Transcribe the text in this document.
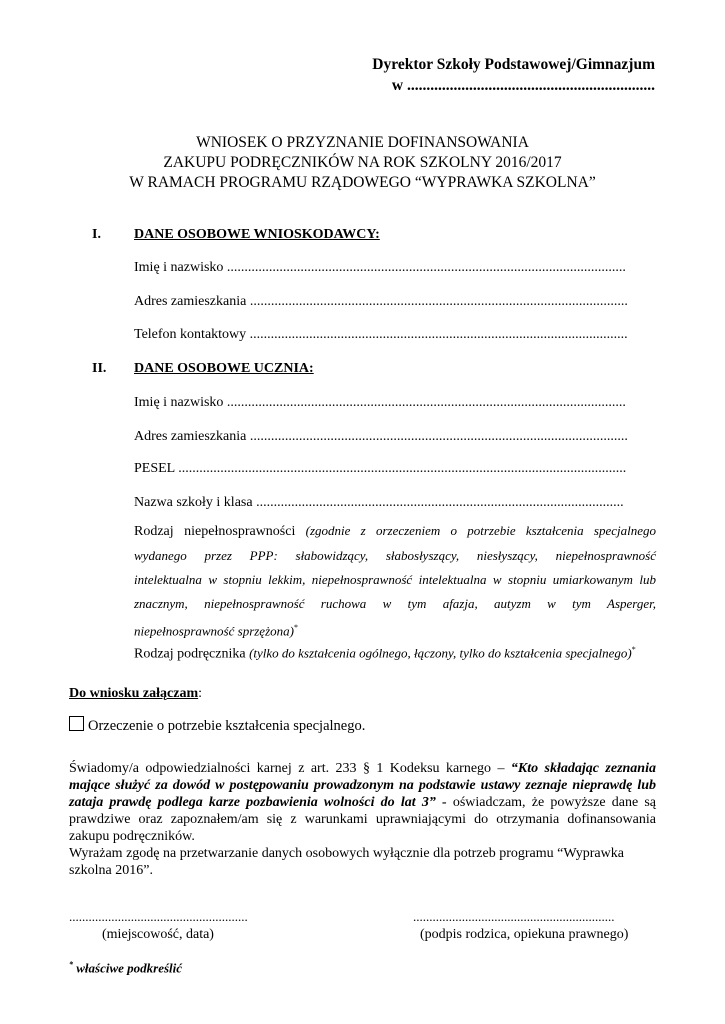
Dyrektor Szkoły Podstawowej/Gimnazjum
w ................................................................
WNIOSEK O PRZYZNANIE DOFINANSOWANIA
ZAKUPU PODRĘCZNIKÓW NA ROK SZKOLNY 2016/2017
W RAMACH PROGRAMU RZĄDOWEGO “WYPRAWKA SZKOLNA”
I. DANE OSOBOWE WNIOSKODAWCY:
Imię i nazwisko ..................................................................................................................
Adres zamieszkania ............................................................................................................
Telefon kontaktowy ............................................................................................................
II. DANE OSOBOWE UCZNIA:
Imię i nazwisko ..................................................................................................................
Adres zamieszkania ............................................................................................................
PESEL ................................................................................................................................
Nazwa szkoły i klasa .........................................................................................................

Rodzaj niepełnosprawności (zgodnie z orzeczeniem o potrzebie kształcenia specjalnego

wydanego przez PPP: słabowidzący, słabosłyszący, niesłyszący, niepełnosprawność

intelektualna w stopniu lekkim, niepełnosprawność intelektualna w stopniu umiarkowanym lub

znacznym, niepełnosprawność ruchowa w tym afazja, autyzm w tym Asperger,

niepełnosprawność sprzężona)*

Rodzaj podręcznika (tylko do kształcenia ogólnego, łączony, tylko do kształcenia specjalnego)*
Do wniosku załączam:
Orzeczenie o potrzebie kształcenia specjalnego.

Świadomy/a odpowiedzialności karnej z art. 233 § 1 Kodeksu karnego – “Kto składając zeznania mające służyć za dowód w postępowaniu prowadzonym na podstawie ustawy zeznaje nieprawdę lub zataja prawdę podlega karze pozbawienia wolności do lat 3” - oświadczam, że powyższe dane są prawdziwe oraz zapoznałem/am się z warunkami uprawniającymi do otrzymania dofinansowania zakupu podręczników.

Wyrażam zgodę na przetwarzanie danych osobowych wyłącznie dla potrzeb programu “Wyprawka szkolna 2016”.

.......................................................	..............................................................
(miejscowość, data)	(podpis rodzica, opiekuna prawnego)
* właściwe podkreślić
